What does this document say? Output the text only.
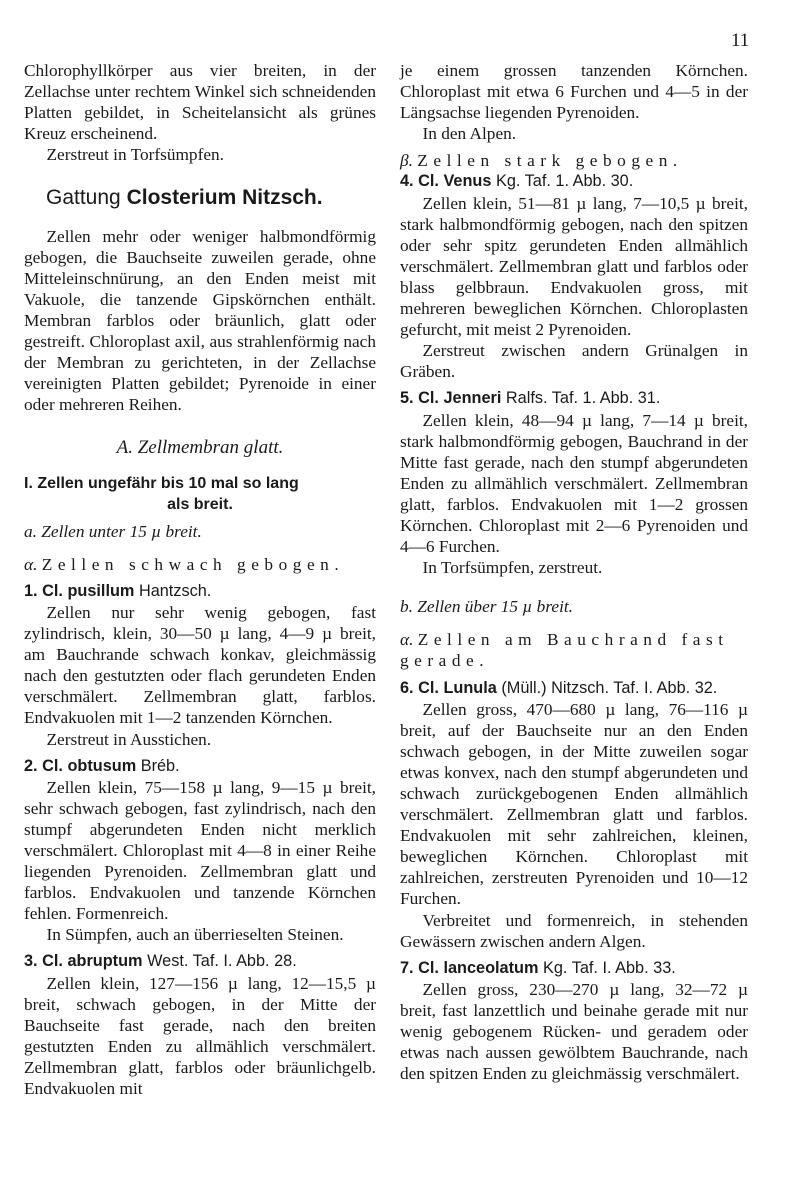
11

Chlorophyllkörper aus vier breiten, in der Zellachse unter rechtem Winkel sich schneidenden Platten gebildet, in Scheitelansicht als grünes Kreuz erscheinend.

Zerstreut in Torfsümpfen.

Gattung Closterium Nitzsch.

Zellen mehr oder weniger halbmondförmig gebogen, die Bauchseite zuweilen gerade, ohne Mitteleinschnürung, an den Enden meist mit Vakuole, die tanzende Gipskörnchen enthält. Membran farblos oder bräunlich, glatt oder gestreift. Chloroplast axil, aus strahlenförmig nach der Membran zu gerichteten, in der Zellachse vereinigten Platten gebildet; Pyrenoide in einer oder mehreren Reihen.

A. Zellmembran glatt.
I. Zellen ungefähr bis 10 mal so lang
als breit.

a. Zellen unter 15 µ breit.

α. Zellen schwach gebogen.

1. Cl. pusillum Hantzsch.

Zellen nur sehr wenig gebogen, fast zylindrisch, klein, 30—50 µ lang, 4—9 µ breit, am Bauchrande schwach konkav, gleichmässig nach den gestutzten oder flach gerundeten Enden verschmälert. Zellmembran glatt, farblos. Endvakuolen mit 1—2 tanzenden Körnchen.

Zerstreut in Ausstichen.

2. Cl. obtusum Bréb.

Zellen klein, 75—158 µ lang, 9—15 µ breit, sehr schwach gebogen, fast zylindrisch, nach den stumpf abgerundeten Enden nicht merklich verschmälert. Chloroplast mit 4—8 in einer Reihe liegenden Pyrenoiden. Zellmembran glatt und farblos. Endvakuolen und tanzende Körnchen fehlen. Formenreich.

In Sümpfen, auch an überrieselten Steinen.

3. Cl. abruptum West. Taf. I. Abb. 28.

Zellen klein, 127—156 µ lang, 12—15,5 µ breit, schwach gebogen, in der Mitte der Bauchseite fast gerade, nach den breiten gestutzten Enden zu allmählich verschmälert. Zellmembran glatt, farblos oder bräunlichgelb. Endvakuolen mit

je einem grossen tanzenden Körnchen. Chloroplast mit etwa 6 Furchen und 4—5 in der Längsachse liegenden Pyrenoiden.

In den Alpen.

β. Zellen stark gebogen.

4. Cl. Venus Kg. Taf. 1. Abb. 30.

Zellen klein, 51—81 µ lang, 7—10,5 µ breit, stark halbmondförmig gebogen, nach den spitzen oder sehr spitz gerundeten Enden allmählich verschmälert. Zellmembran glatt und farblos oder blass gelbbraun. Endvakuolen gross, mit mehreren beweglichen Körnchen. Chloroplasten gefurcht, mit meist 2 Pyrenoiden.

Zerstreut zwischen andern Grünalgen in Gräben.

5. Cl. Jenneri Ralfs. Taf. 1. Abb. 31.

Zellen klein, 48—94 µ lang, 7—14 µ breit, stark halbmondförmig gebogen, Bauchrand in der Mitte fast gerade, nach den stumpf abgerundeten Enden zu allmählich verschmälert. Zellmembran glatt, farblos. Endvakuolen mit 1—2 grossen Körnchen. Chloroplast mit 2—6 Pyrenoiden und 4—6 Furchen.

In Torfsümpfen, zerstreut.

b. Zellen über 15 µ breit.

α. Zellen am Bauchrand fast

gerade.

6. Cl. Lunula (Müll.) Nitzsch. Taf. I. Abb. 32.

Zellen gross, 470—680 µ lang, 76—116 µ breit, auf der Bauchseite nur an den Enden schwach gebogen, in der Mitte zuweilen sogar etwas konvex, nach den stumpf abgerundeten und schwach zurückgebogenen Enden allmählich verschmälert. Zellmembran glatt und farblos. Endvakuolen mit sehr zahlreichen, kleinen, beweglichen Körnchen. Chloroplast mit zahlreichen, zerstreuten Pyrenoiden und 10—12 Furchen.

Verbreitet und formenreich, in stehenden Gewässern zwischen andern Algen.

7. Cl. lanceolatum Kg. Taf. I. Abb. 33.

Zellen gross, 230—270 µ lang, 32—72 µ breit, fast lanzettlich und beinahe gerade mit nur wenig gebogenem Rücken- und geradem oder etwas nach aussen gewölbtem Bauchrande, nach den spitzen Enden zu gleichmässig verschmälert.
